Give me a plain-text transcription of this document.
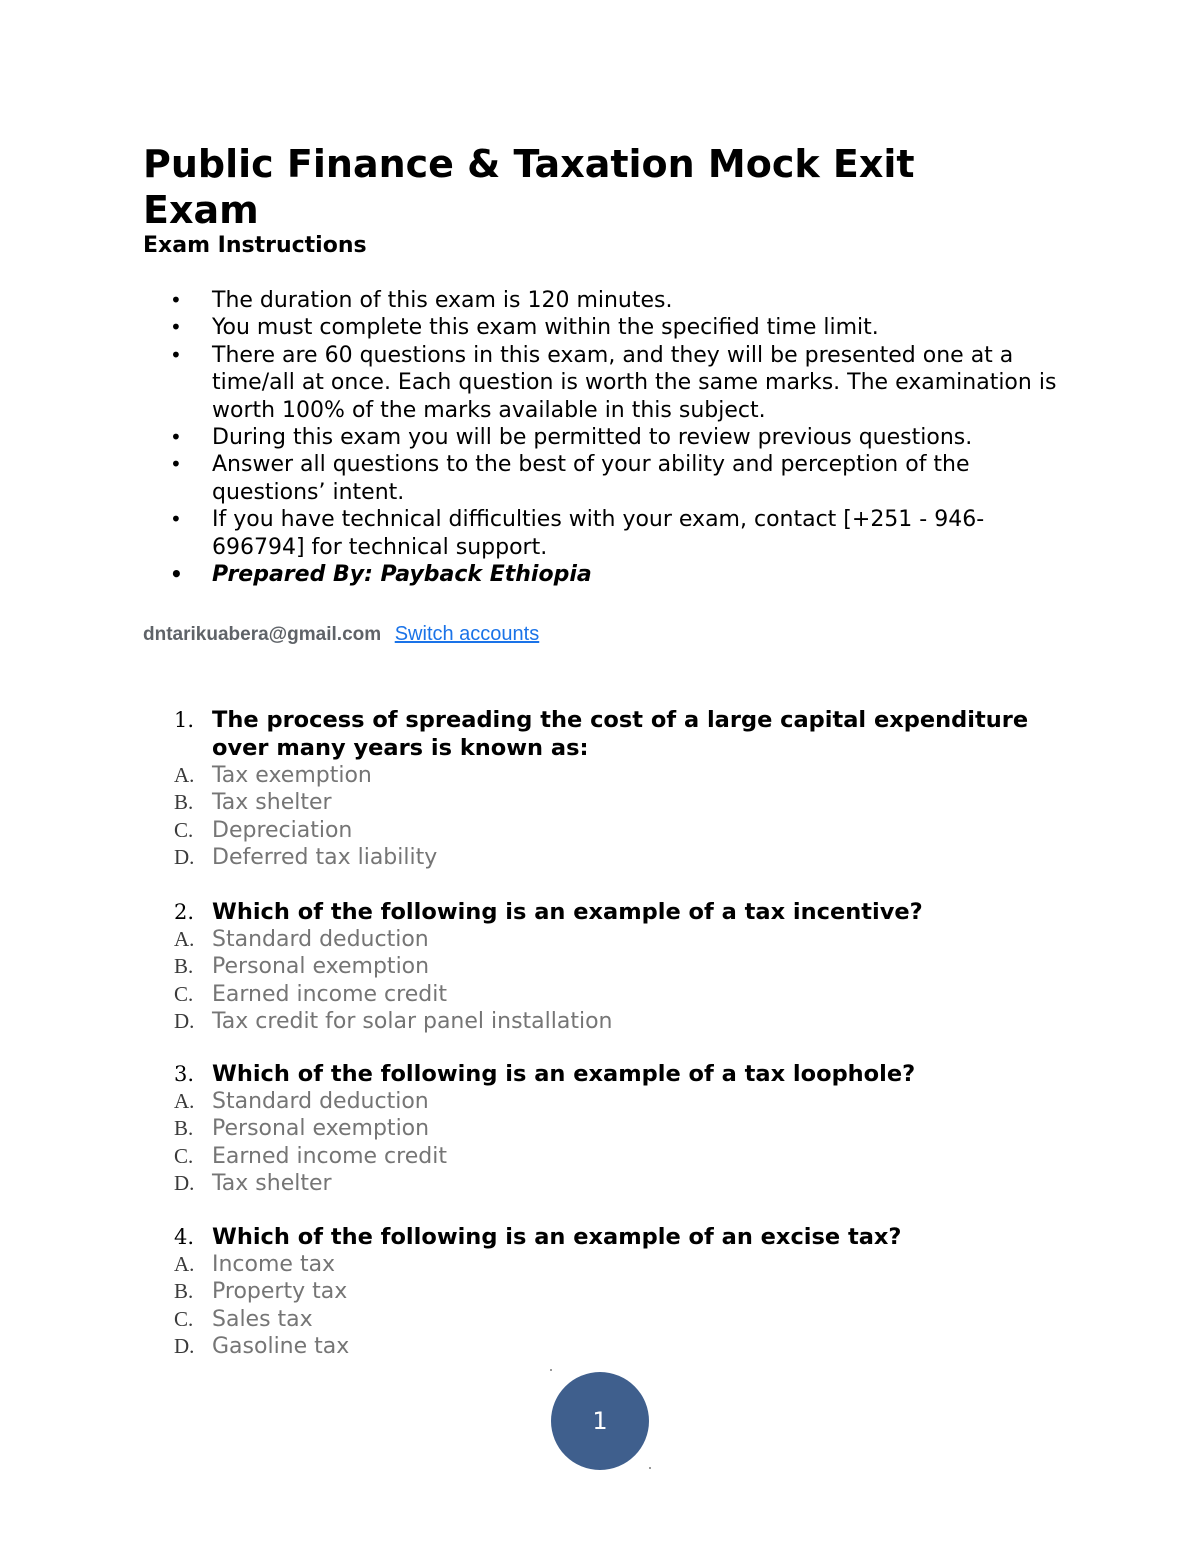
Public Finance & Taxation Mock Exit Exam
Exam Instructions
•	The duration of this exam is 120 minutes.
•	You must complete this exam within the specified time limit.
•	There are 60 questions in this exam, and they will be presented one at a time/all at once. Each question is worth the same marks. The examination is worth 100% of the marks available in this subject.
•	During this exam you will be permitted to review previous questions.
•	Answer all questions to the best of your ability and perception of the questions’ intent.
•	If you have technical difficulties with your exam, contact [+251 - 946-696794] for technical support.
•	Prepared By: Payback Ethiopia
dntarikuabera@gmail.com Switch accounts
1. The process of spreading the cost of a large capital expenditure over many years is known as:
A. Tax exemption
B. Tax shelter
C. Depreciation
D. Deferred tax liability
2. Which of the following is an example of a tax incentive?
A. Standard deduction
B. Personal exemption
C. Earned income credit
D. Tax credit for solar panel installation
3. Which of the following is an example of a tax loophole?
A. Standard deduction
B. Personal exemption
C. Earned income credit
D. Tax shelter
4. Which of the following is an example of an excise tax?
A. Income tax
B. Property tax
C. Sales tax
D. Gasoline tax
1
